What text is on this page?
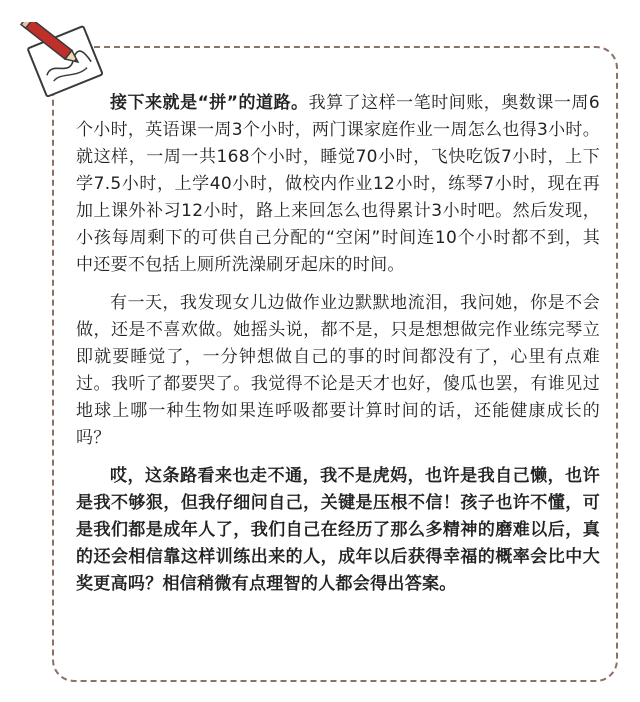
接下来就是“拼”的道路。我算了这样一笔时间账，奥数课一周6个小时，英语课一周3个小时，两门课家庭作业一周怎么也得3小时。就这样，一周一共168个小时，睡觉70小时，飞快吃饭7小时，上下学7.5小时，上学40小时，做校内作业12小时，练琴7小时，现在再加上课外补习12小时，路上来回怎么也得累计3小时吧。然后发现，小孩每周剩下的可供自己分配的“空闲”时间连10个小时都不到，其中还要不包括上厕所洗澡刷牙起床的时间。

有一天，我发现女儿边做作业边默默地流泪，我问她，你是不会做，还是不喜欢做。她摇头说，都不是，只是想想做完作业练完琴立即就要睡觉了，一分钟想做自己的事的时间都没有了，心里有点难过。我听了都要哭了。我觉得不论是天才也好，傻瓜也罢，有谁见过地球上哪一种生物如果连呼吸都要计算时间的话，还能健康成长的吗？

哎，这条路看来也走不通，我不是虎妈，也许是我自己懒，也许是我不够狠，但我仔细问自己，关键是压根不信！孩子也许不懂，可是我们都是成年人了，我们自己在经历了那么多精神的磨难以后，真的还会相信靠这样训练出来的人，成年以后获得幸福的概率会比中大奖更高吗？相信稍微有点理智的人都会得出答案。
